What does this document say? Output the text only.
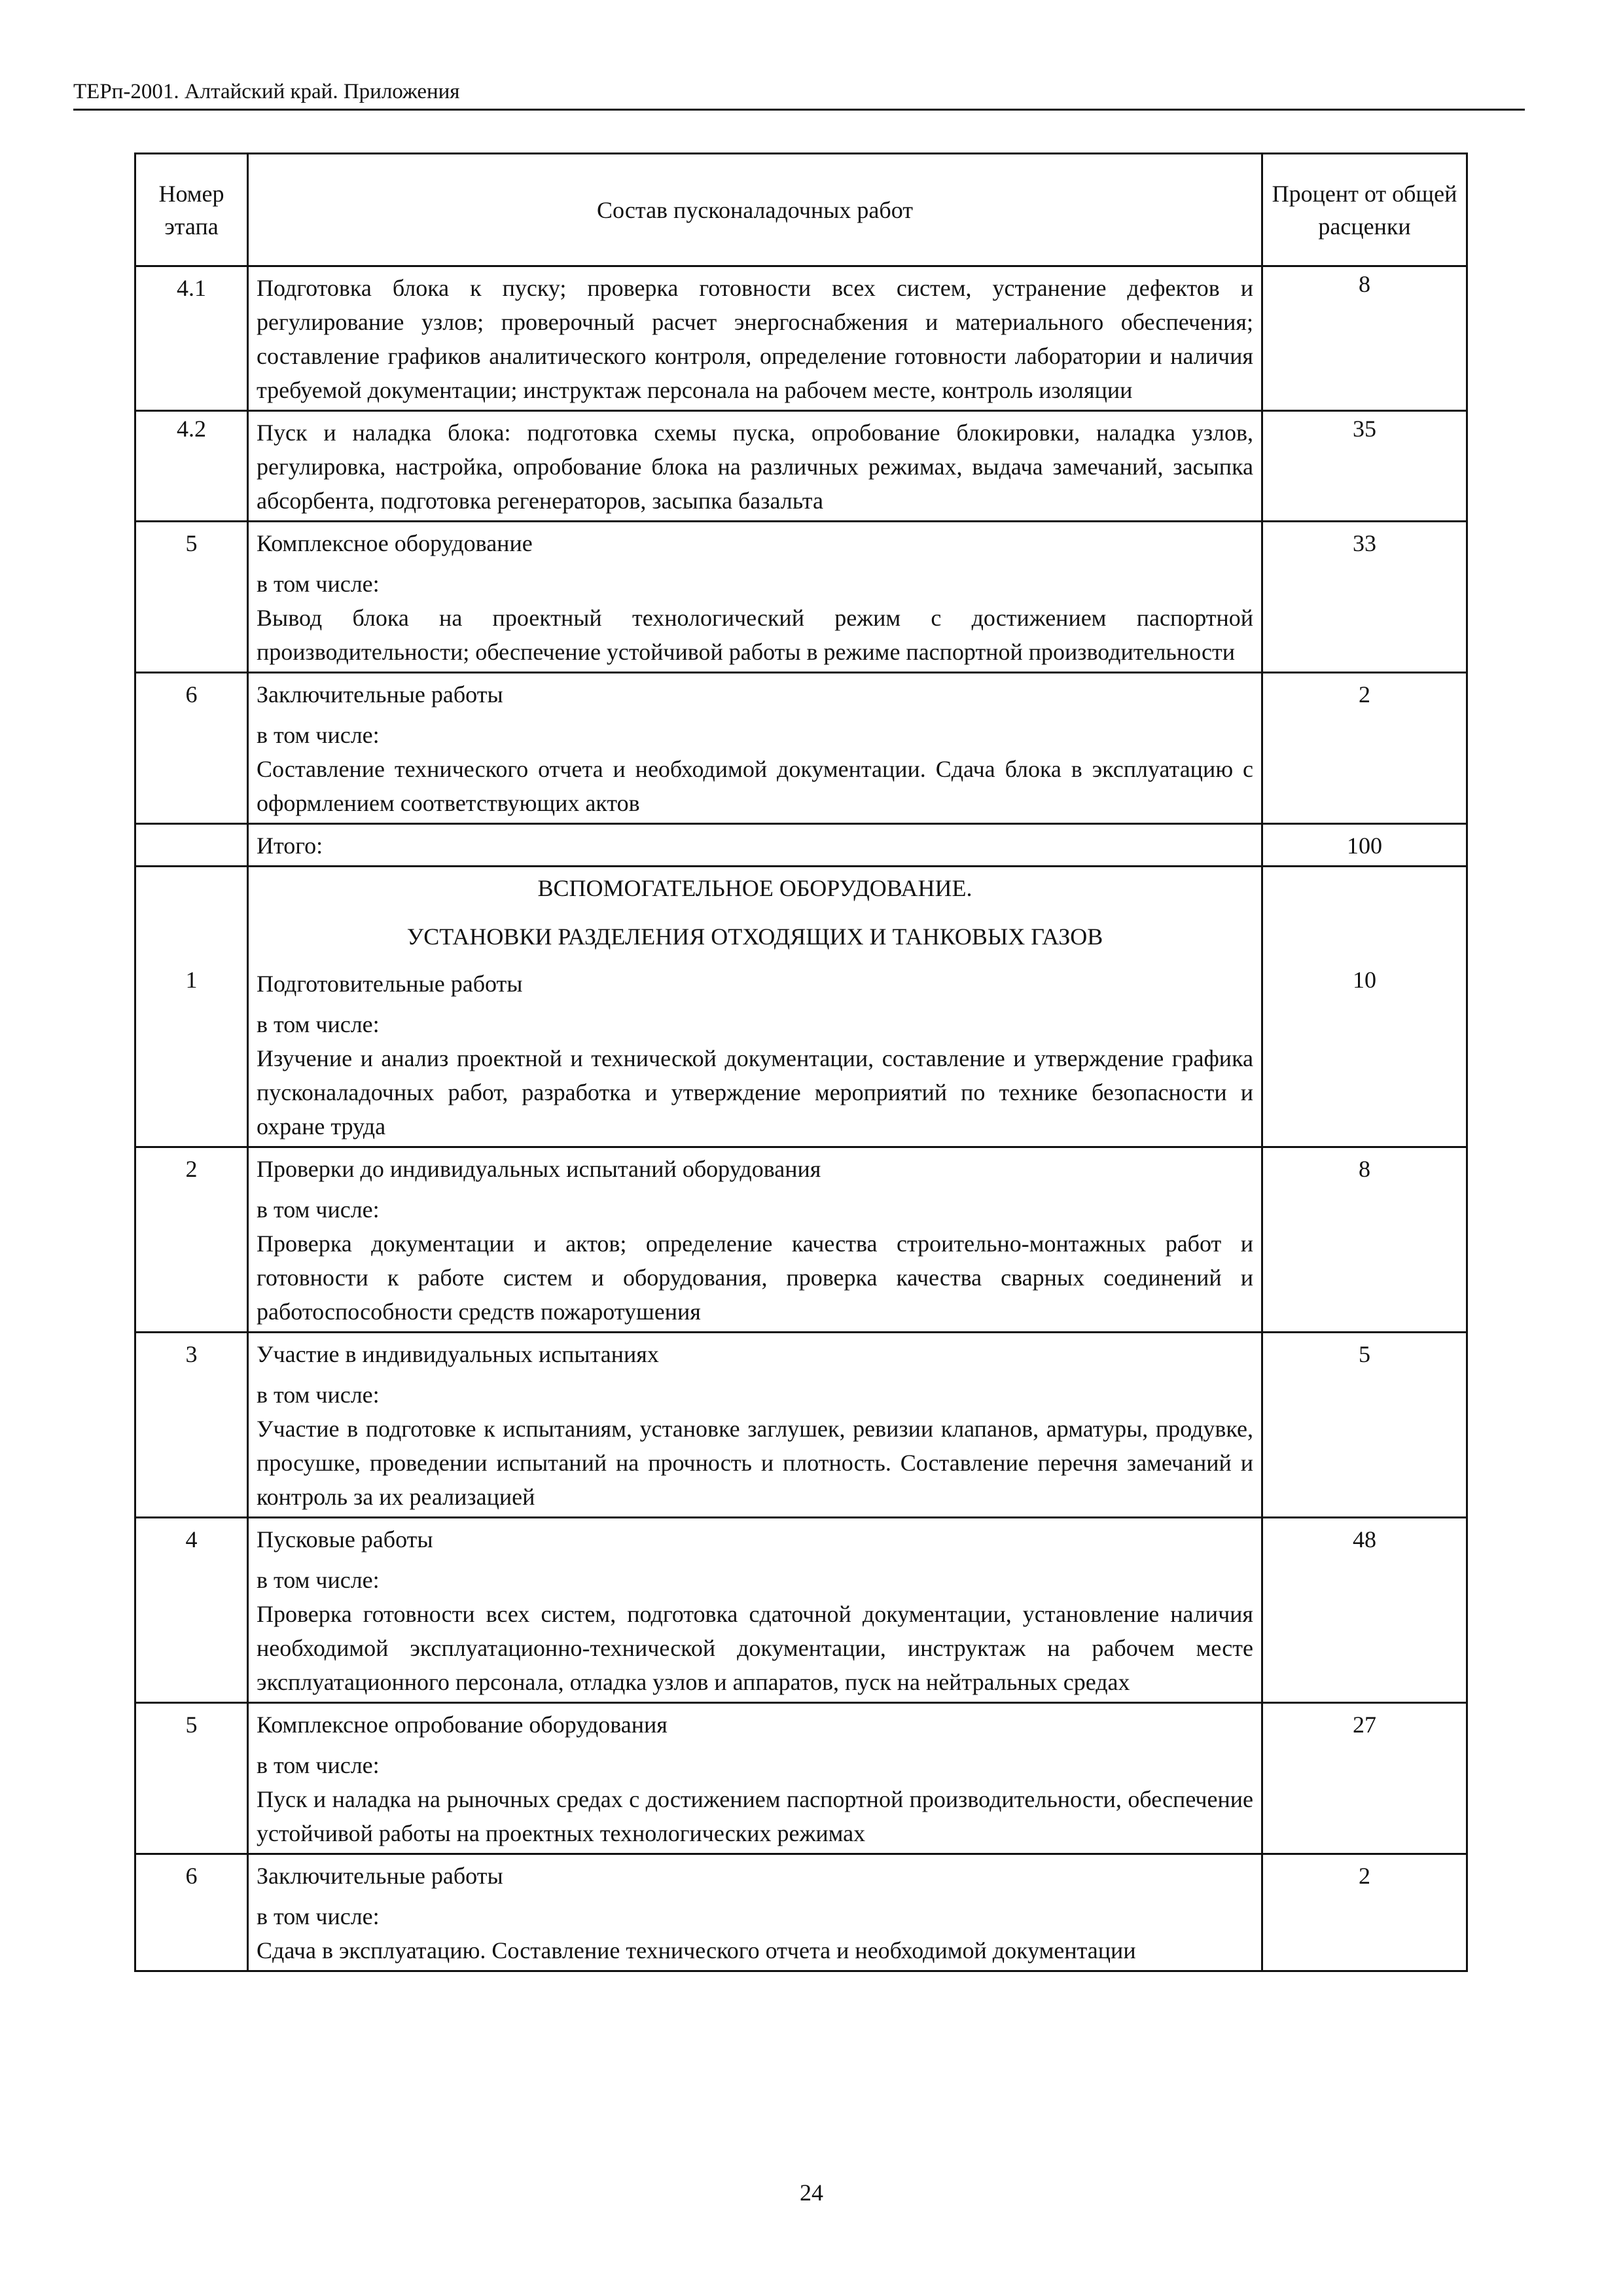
ТЕРп-2001. Алтайский край. Приложения
Номер этапа	Состав пусконаладочных работ	Процент от общей расценки
4.1	Подготовка блока к пуску; проверка готовности всех систем, устранение дефектов и регулирование узлов; проверочный расчет энергоснабжения и материального обеспечения; составление графиков аналитического контроля, определение готовности лаборатории и наличия требуемой документации; инструктаж персонала на рабочем месте, контроль изоляции	8
4.2	Пуск и наладка блока: подготовка схемы пуска, опробование блокировки, наладка узлов, регулировка, настройка, опробование блока на различных режимах, выдача замечаний, засыпка абсорбента, подготовка регенераторов, засыпка базальта	35
5	Комплексное оборудование
в том числе:
Вывод блока на проектный технологический режим с достижением паспортной производительности; обеспечение устойчивой работы в режиме паспортной производительности	33
6	Заключительные работы
в том числе:
Составление технического отчета и необходимой документации. Сдача блока в эксплуатацию с оформлением соответствующих актов	2
	Итого:	100

1	ВСПОМОГАТЕЛЬНОЕ ОБОРУДОВАНИЕ.
УСТАНОВКИ РАЗДЕЛЕНИЯ ОТХОДЯЩИХ И ТАНКОВЫХ ГАЗОВ
Подготовительные работы
в том числе:
Изучение и анализ проектной и технической документации, составление и утверждение графика пусконаладочных работ, разработка и утверждение мероприятий по технике безопасности и охране труда	10

2	Проверки до индивидуальных испытаний оборудования
в том числе:
Проверка документации и актов; определение качества строительно-монтажных работ и готовности к работе систем и оборудования, проверка качества сварных соединений и работоспособности средств пожаротушения	8
3	Участие в индивидуальных испытаниях
в том числе:
Участие в подготовке к испытаниям, установке заглушек, ревизии клапанов, арматуры, продувке, просушке, проведении испытаний на прочность и плотность. Составление перечня замечаний и контроль за их реализацией	5
4	Пусковые работы
в том числе:
Проверка готовности всех систем, подготовка сдаточной документации, установление наличия необходимой эксплуатационно-технической документации, инструктаж на рабочем месте эксплуатационного персонала, отладка узлов и аппаратов, пуск на нейтральных средах	48
5	Комплексное опробование оборудования
в том числе:
Пуск и наладка на рыночных средах с достижением паспортной производительности, обеспечение устойчивой работы на проектных технологических режимах	27
6	Заключительные работы
в том числе:
Сдача в эксплуатацию. Составление технического отчета и необходимой документации	2
24
